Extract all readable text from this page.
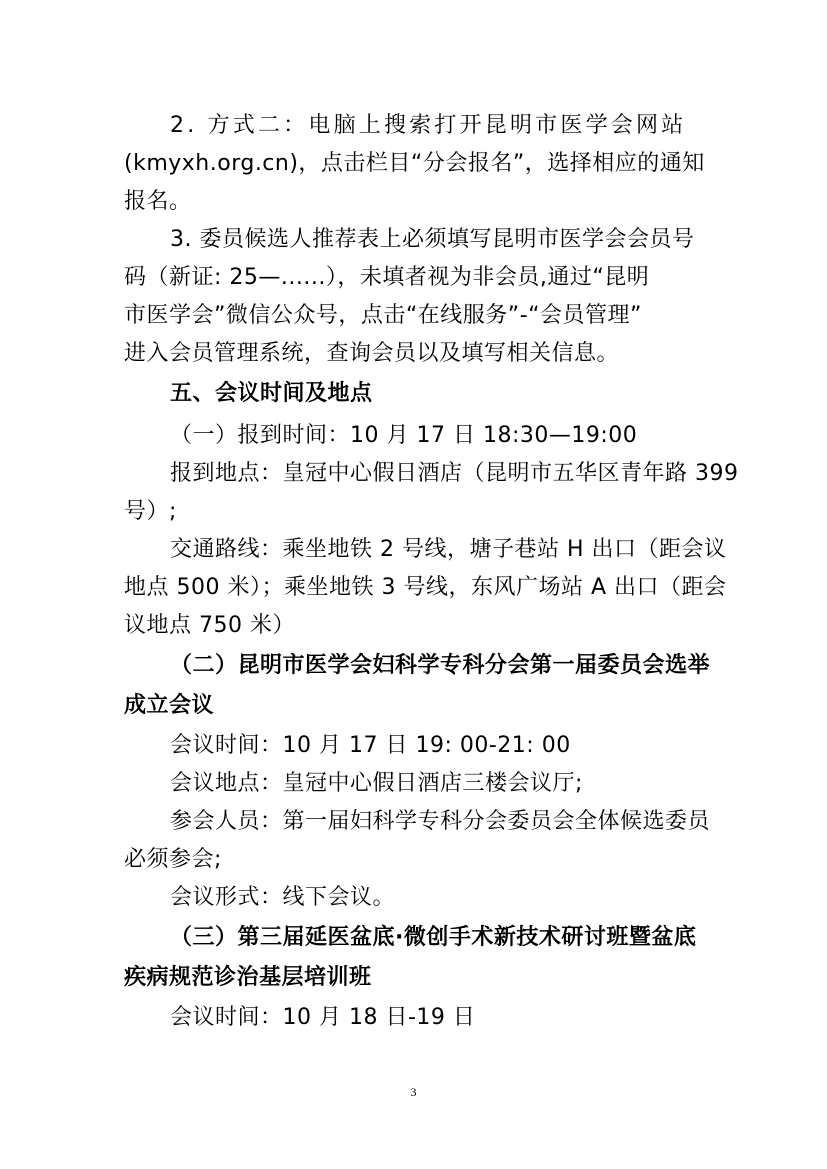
2. 方式二：电脑上搜索打开昆明市医学会网站
(kmyxh.org.cn)，点击栏目“分会报名”，选择相应的通知
报名。
3. 委员候选人推荐表上必须填写昆明市医学会会员号
码（新证: 25—......），未填者视为非会员,通过“昆明
市医学会”微信公众号，点击“在线服务”-“会员管理”
进入会员管理系统，查询会员以及填写相关信息。
五、会议时间及地点
（一）报到时间：10 月 17 日 18:30—19:00
报到地点：皇冠中心假日酒店（昆明市五华区青年路 399
号）;
交通路线：乘坐地铁 2 号线，塘子巷站 H 出口（距会议
地点 500 米）；乘坐地铁 3 号线，东风广场站 A 出口（距会
议地点 750 米）
（二）昆明市医学会妇科学专科分会第一届委员会选举
成立会议
会议时间：10 月 17 日 19: 00-21: 00
会议地点：皇冠中心假日酒店三楼会议厅;
参会人员：第一届妇科学专科分会委员会全体候选委员
必须参会;
会议形式：线下会议。
（三）第三届延医盆底·微创手术新技术研讨班暨盆底
疾病规范诊治基层培训班
会议时间：10 月 18 日-19 日
3
